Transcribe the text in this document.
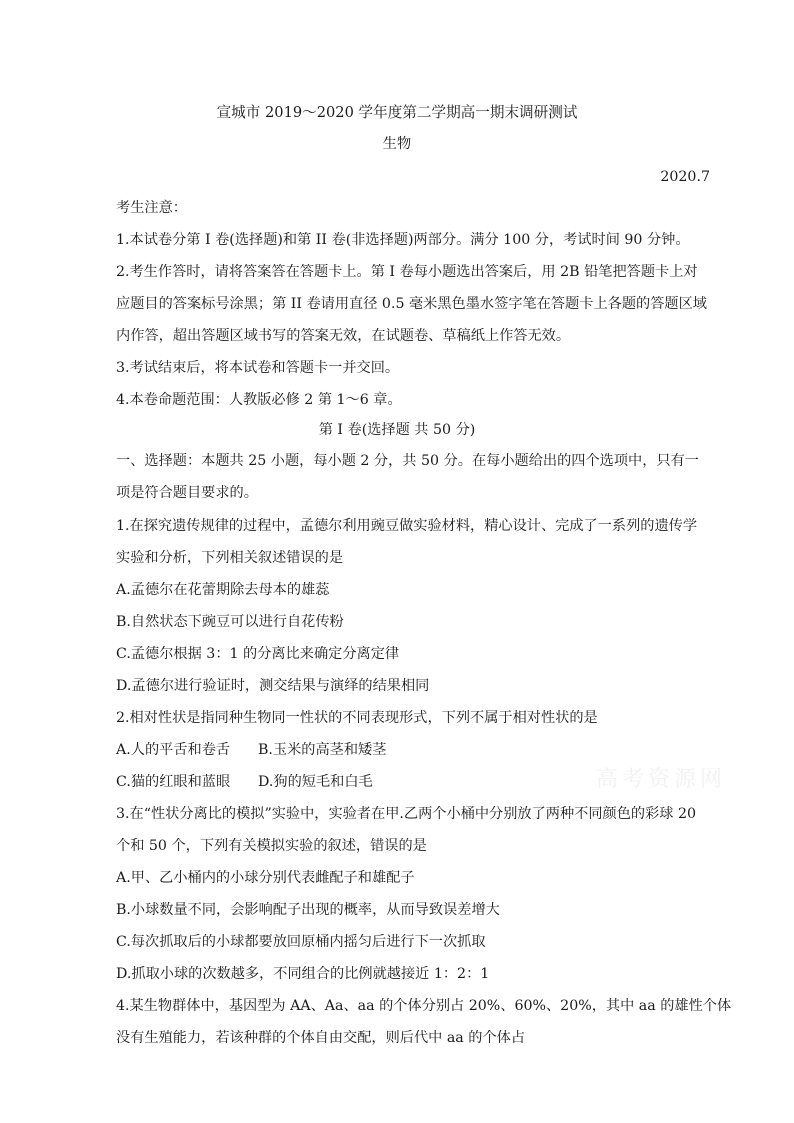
宣城市 2019～2020 学年度第二学期高一期末调研测试
生物
2020.7
考生注意：
1.本试卷分第 I 卷(选择题)和第 II 卷(非选择题)两部分。满分 100 分，考试时间 90 分钟。
2.考生作答时，请将答案答在答题卡上。第 I 卷每小题选出答案后，用 2B 铅笔把答题卡上对
应题目的答案标号涂黑；第 II 卷请用直径 0.5 毫米黑色墨水签字笔在答题卡上各题的答题区域
内作答，超出答题区域书写的答案无效，在试题卷、草稿纸上作答无效。
3.考试结束后，将本试卷和答题卡一并交回。
4.本卷命题范围：人教版必修 2 第 1～6 章。
第 I 卷(选择题 共 50 分)
一、选择题：本题共 25 小题，每小题 2 分，共 50 分。在每小题给出的四个选项中，只有一
项是符合题目要求的。
1.在探究遗传规律的过程中，孟德尔利用豌豆做实验材料，精心设计、完成了一系列的遗传学
实验和分析，下列相关叙述错误的是
A.孟德尔在花蕾期除去母本的雄蕊
B.自然状态下豌豆可以进行自花传粉
C.孟德尔根据 3：1 的分离比来确定分离定律
D.孟德尔进行验证时，测交结果与演绎的结果相同
2.相对性状是指同种生物同一性状的不同表现形式，下列不属于相对性状的是
A.人的平舌和卷舌 B.玉米的高茎和矮茎
C.猫的红眼和蓝眼 D.狗的短毛和白毛	高考资源网
3.在“性状分离比的模拟”实验中，实验者在甲.乙两个小桶中分别放了两种不同颜色的彩球 20
个和 50 个，下列有关模拟实验的叙述，错误的是
A.甲、乙小桶内的小球分别代表雌配子和雄配子
B.小球数量不同，会影响配子出现的概率，从而导致误差增大
C.每次抓取后的小球都要放回原桶内摇匀后进行下一次抓取
D.抓取小球的次数越多，不同组合的比例就越接近 1：2：1
4.某生物群体中，基因型为 AA、Aa、aa 的个体分别占 20%、60%、20%，其中 aa 的雄性个体
没有生殖能力，若该种群的个体自由交配，则后代中 aa 的个体占
